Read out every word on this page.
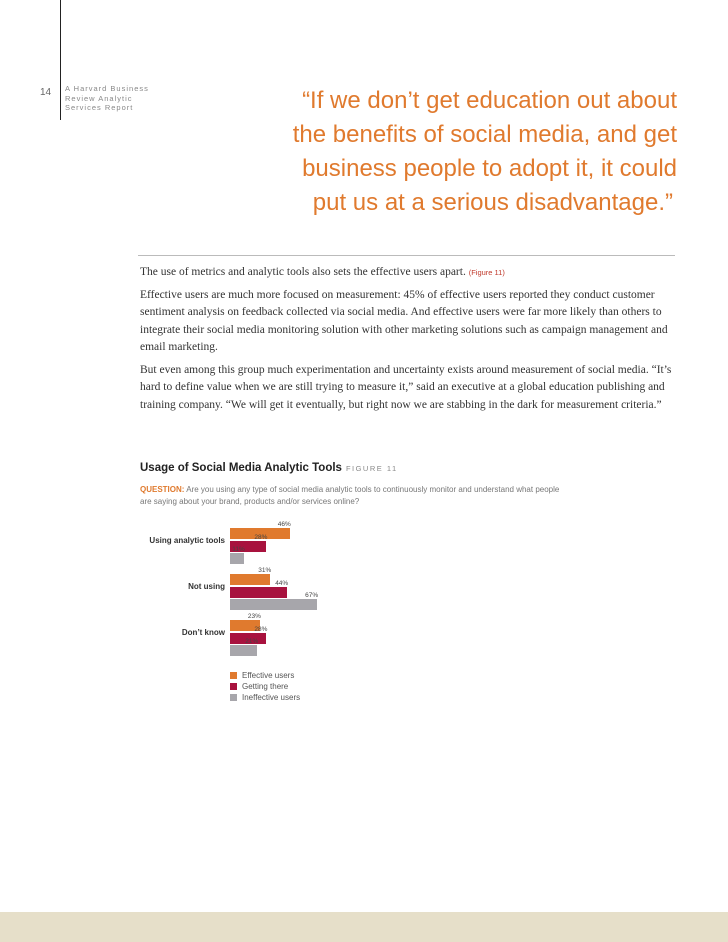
14 A Harvard Business Review Analytic Services Report	“If we don’t get education out about
the benefits of social media, and get
business people to adopt it, it could
put us at a serious disadvantage.”

The use of metrics and analytic tools also sets the effective users apart. (Figure 11)

Effective users are much more focused on measurement: 45% of effective users reported they conduct customer sentiment analysis on feedback collected via social media. And effective users were far more likely than others to integrate their social media monitoring solution with other marketing solutions such as campaign management and email marketing.

But even among this group much experimentation and uncertainty exists around measurement of social media. “It’s hard to define value when we are still trying to measure it,” said an executive at a global education publishing and training company. “We will get it eventually, but right now we are stabbing in the dark for measurement criteria.”

Usage of Social Media Analytic Tools FIGURE 11
QUESTION: Are you using any type of social media analytic tools to continuously monitor and understand what people are saying about your brand, products and/or services online?
Using analytic tools
46%
28%
11%
Not using
31%
44%
67%
Don’t know
23%
28%
21%
Effective users
Getting there
Ineffective users
